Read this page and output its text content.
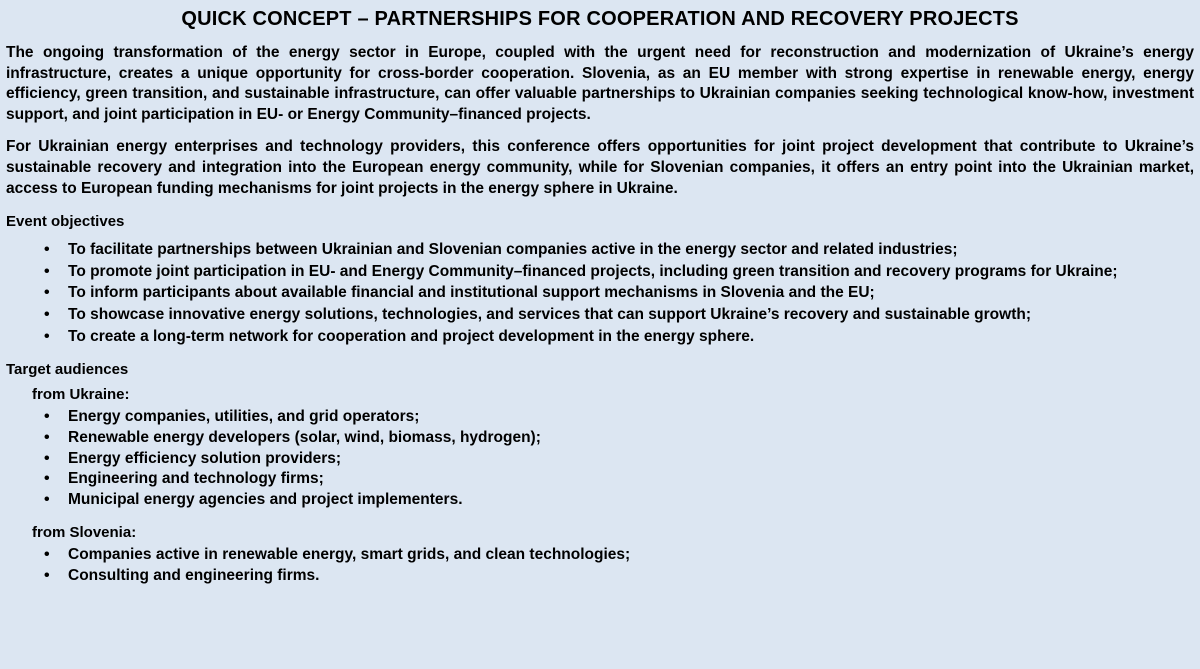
QUICK CONCEPT – PARTNERSHIPS FOR COOPERATION AND RECOVERY PROJECTS

The ongoing transformation of the energy sector in Europe, coupled with the urgent need for reconstruction and modernization of Ukraine’s energy infrastructure, creates a unique opportunity for cross-border cooperation. Slovenia, as an EU member with strong expertise in renewable energy, energy efficiency, green transition, and sustainable infrastructure, can offer valuable partnerships to Ukrainian companies seeking technological know-how, investment support, and joint participation in EU- or Energy Community–financed projects.

For Ukrainian energy enterprises and technology providers, this conference offers opportunities for joint project development that contribute to Ukraine’s sustainable recovery and integration into the European energy community, while for Slovenian companies, it offers an entry point into the Ukrainian market, access to European funding mechanisms for joint projects in the energy sphere in Ukraine.

Event objectives
• To facilitate partnerships between Ukrainian and Slovenian companies active in the energy sector and related industries;
• To promote joint participation in EU- and Energy Community–financed projects, including green transition and recovery programs for Ukraine;
• To inform participants about available financial and institutional support mechanisms in Slovenia and the EU;
• To showcase innovative energy solutions, technologies, and services that can support Ukraine’s recovery and sustainable growth;
• To create a long-term network for cooperation and project development in the energy sphere.
Target audiences
from Ukraine:
• Energy companies, utilities, and grid operators;
• Renewable energy developers (solar, wind, biomass, hydrogen);
• Energy efficiency solution providers;
• Engineering and technology firms;
• Municipal energy agencies and project implementers.
from Slovenia:
• Companies active in renewable energy, smart grids, and clean technologies;
• Consulting and engineering firms.
